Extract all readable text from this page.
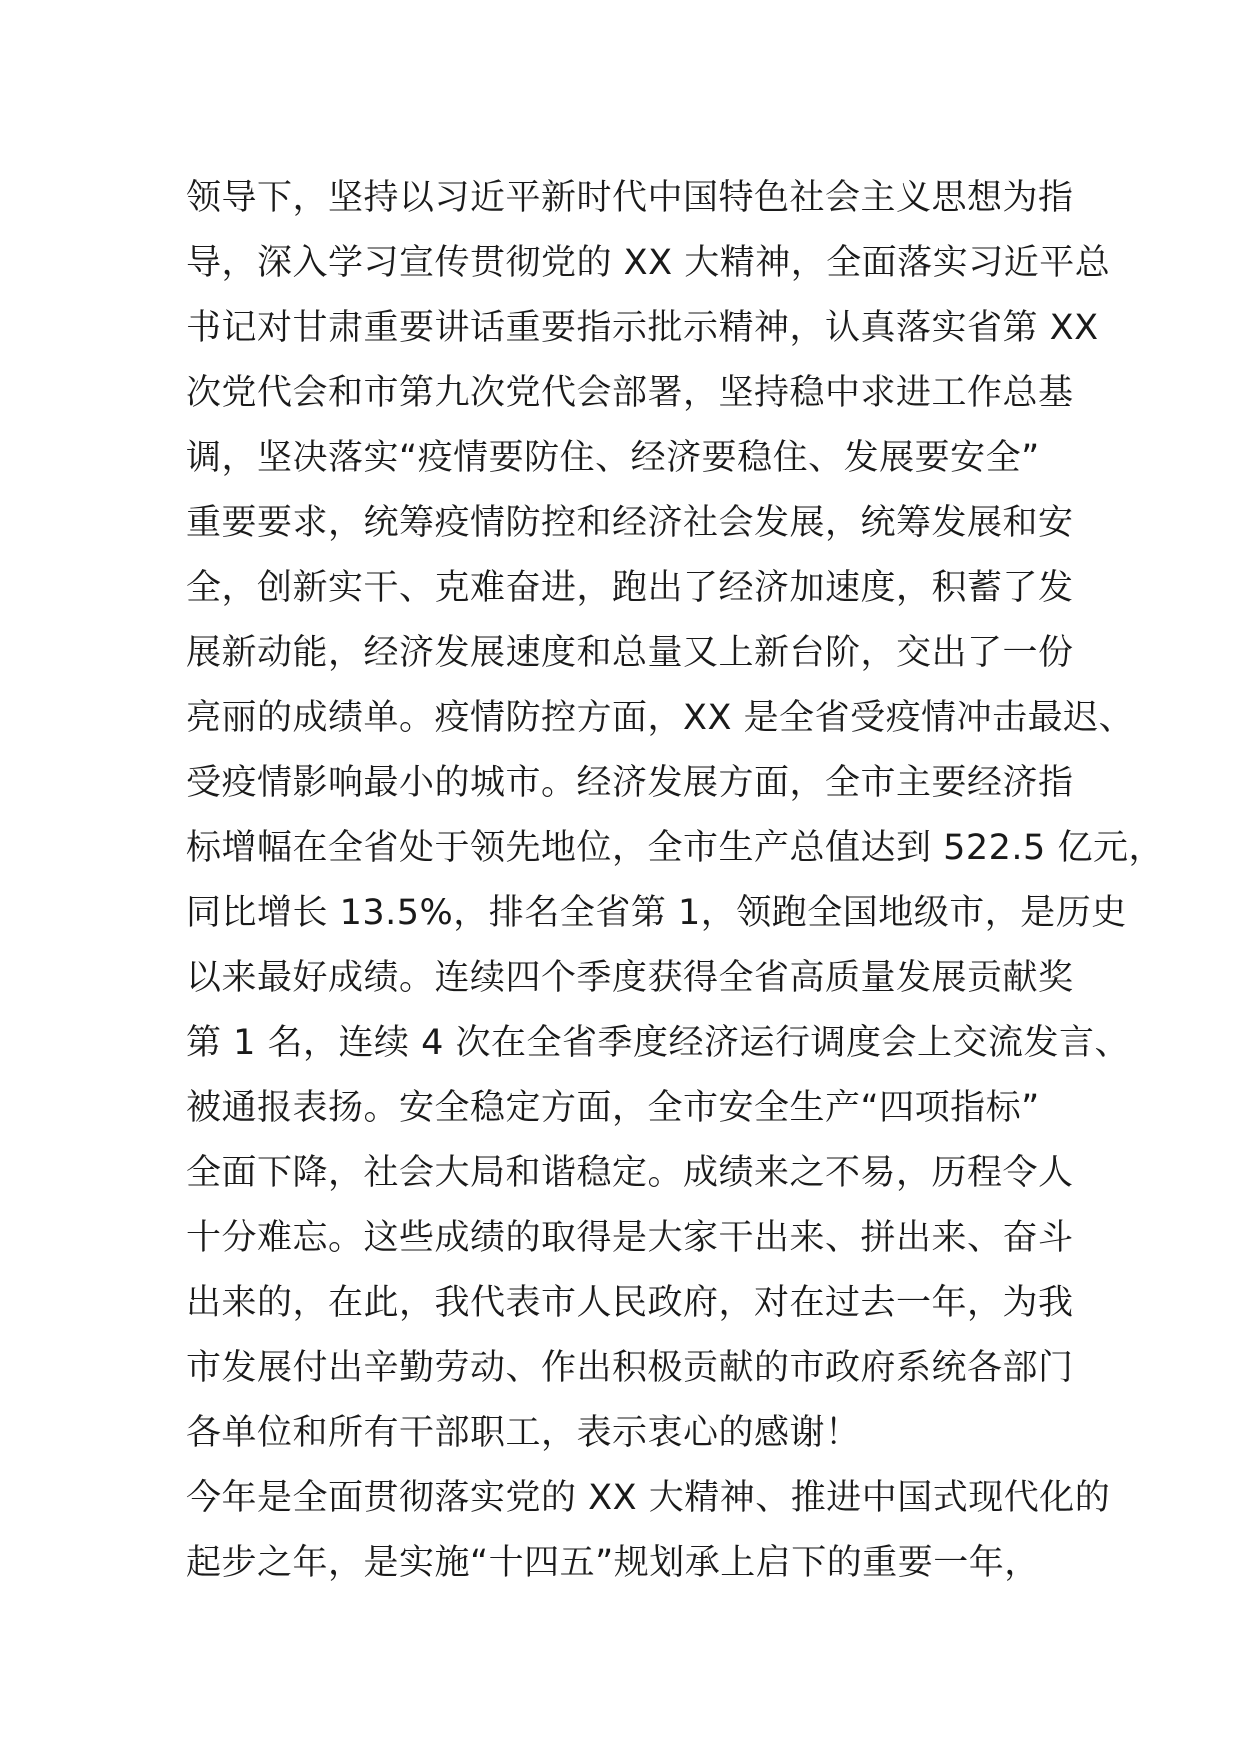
领导下，坚持以习近平新时代中国特色社会主义思想为指
导，深入学习宣传贯彻党的 XX 大精神，全面落实习近平总
书记对甘肃重要讲话重要指示批示精神，认真落实省第 XX
次党代会和市第九次党代会部署，坚持稳中求进工作总基
调，坚决落实“疫情要防住、经济要稳住、发展要安全”
重要要求，统筹疫情防控和经济社会发展，统筹发展和安
全，创新实干、克难奋进，跑出了经济加速度，积蓄了发
展新动能，经济发展速度和总量又上新台阶，交出了一份
亮丽的成绩单。疫情防控方面，XX 是全省受疫情冲击最迟、
受疫情影响最小的城市。经济发展方面，全市主要经济指
标增幅在全省处于领先地位，全市生产总值达到 522.5 亿元，
同比增长 13.5%，排名全省第 1，领跑全国地级市，是历史
以来最好成绩。连续四个季度获得全省高质量发展贡献奖
第 1 名，连续 4 次在全省季度经济运行调度会上交流发言、
被通报表扬。安全稳定方面，全市安全生产“四项指标”
全面下降，社会大局和谐稳定。成绩来之不易，历程令人
十分难忘。这些成绩的取得是大家干出来、拼出来、奋斗
出来的，在此，我代表市人民政府，对在过去一年，为我
市发展付出辛勤劳动、作出积极贡献的市政府系统各部门
各单位和所有干部职工，表示衷心的感谢！
今年是全面贯彻落实党的 XX 大精神、推进中国式现代化的
起步之年，是实施“十四五”规划承上启下的重要一年，
